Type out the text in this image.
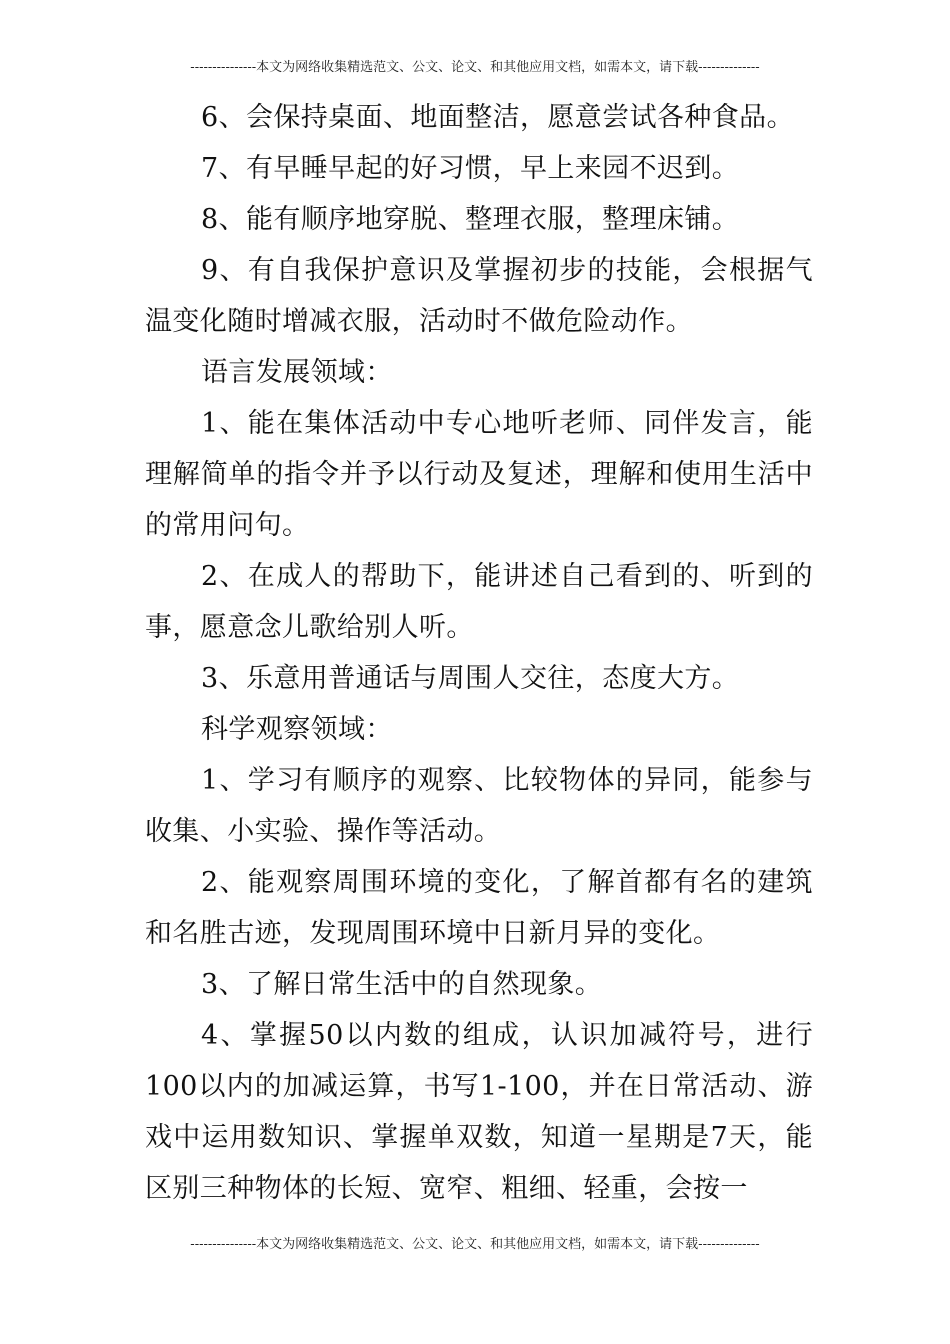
---------------本文为网络收集精选范文、公文、论文、和其他应用文档，如需本文，请下载--------------

6、会保持桌面、地面整洁，愿意尝试各种食品。

7、有早睡早起的好习惯，早上来园不迟到。

8、能有顺序地穿脱、整理衣服，整理床铺。

9、有自我保护意识及掌握初步的技能，会根据气温变化随时增减衣服，活动时不做危险动作。

语言发展领域：

1、能在集体活动中专心地听老师、同伴发言，能理解简单的指令并予以行动及复述，理解和使用生活中的常用问句。

2、在成人的帮助下，能讲述自己看到的、听到的事，愿意念儿歌给别人听。

3、乐意用普通话与周围人交往，态度大方。

科学观察领域：

1、学习有顺序的观察、比较物体的异同，能参与收集、小实验、操作等活动。

2、能观察周围环境的变化，了解首都有名的建筑和名胜古迹，发现周围环境中日新月异的变化。

3、了解日常生活中的自然现象。

4、掌握50以内数的组成，认识加减符号，进行100以内的加减运算，书写1-100，并在日常活动、游戏中运用数知识、掌握单双数，知道一星期是7天，能区别三种物体的长短、宽窄、粗细、轻重，会按一

---------------本文为网络收集精选范文、公文、论文、和其他应用文档，如需本文，请下载--------------
